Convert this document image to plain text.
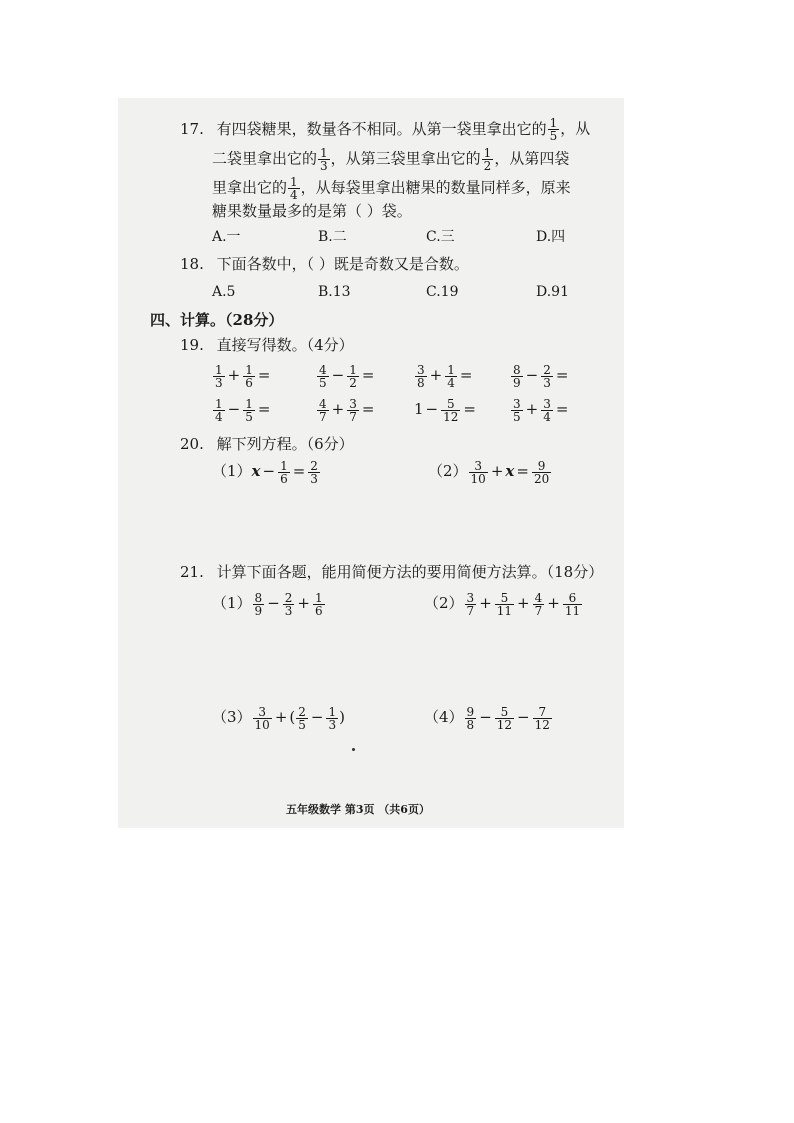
17. 有四袋糖果，数量各不相同。从第一袋里拿出它的 $\frac{1}{5}$ ，从
二袋里拿出它的 $\frac{1}{3}$ ，从第三袋里拿出它的 $\frac{1}{2}$ ，从第四袋
里拿出它的 $\frac{1}{4}$ ，从每袋里拿出糖果的数量同样多，原来
糖果数量最多的是第（ ）袋。
A.一	B.二	C.三	D.四
18. 下面各数中，（ ）既是奇数又是合数。
A.5	B.13	C.19	D.91
四、计算。（28分）
19. 直接写得数。（4分）
$\frac{1}{3} + \frac{1}{6}$ =	$\frac{4}{5} - \frac{1}{2}$ =	$\frac{3}{8} + \frac{1}{4}$ =	$\frac{8}{9} - \frac{2}{3}$ =
$\frac{1}{4} - \frac{1}{5}$ =	$\frac{4}{7} + \frac{3}{7}$ =	$1 - \frac{5}{12}$ =	$\frac{3}{5} + \frac{3}{4}$ =
20. 解下列方程。（6分）
$(1)x - \frac{1}{6} = \frac{2}{3}$	$(2) \frac{3}{10} + x = \frac{9}{20}$
21. 计算下面各题，能用简便方法的要用简便方法算。（18分）
$(1) \frac{8}{9} - \frac{2}{3} + \frac{1}{6}$	$(2) \frac{3}{7} + \frac{5}{11} + \frac{4}{7} + \frac{6}{11}$
$(3) \frac{3}{10}$ + ( $\frac{2}{5} - \frac{1}{3}$ )	$(4) \frac{9}{8} - \frac{5}{12} - \frac{7}{12}$
五年级数学 第3页 （共6页）
